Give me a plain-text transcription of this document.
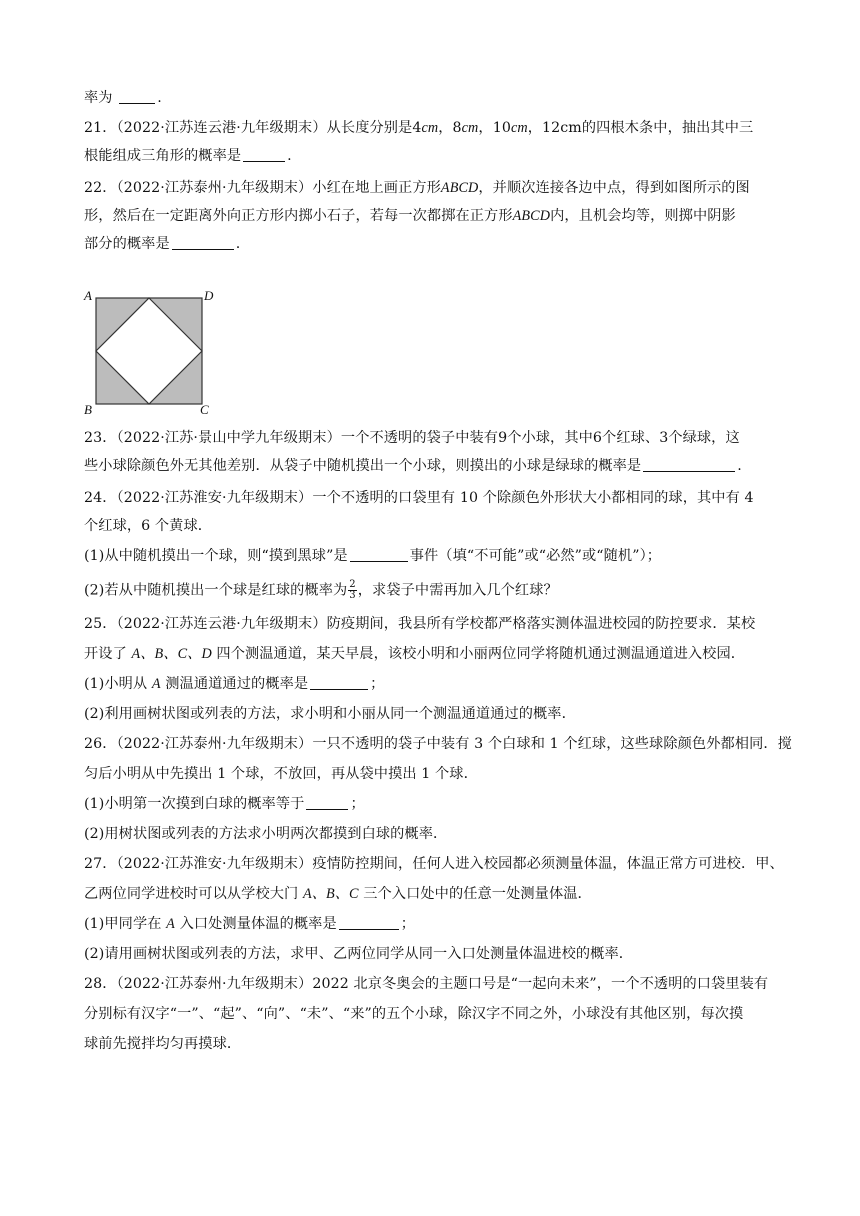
率为	.
21．（2022·江苏连云港·九年级期末）从长度分别是4cm，8cm，10cm，12cm的四根木条中，抽出其中三
根能组成三角形的概率是	.
22．（2022·江苏泰州·九年级期末）小红在地上画正方形ABCD，并顺次连接各边中点，得到如图所示的图
形，然后在一定距离外向正方形内掷小石子，若每一次都掷在正方形ABCD内，且机会均等，则掷中阴影
部分的概率是	.
A	D
B	C
23．（2022·江苏·景山中学九年级期末）一个不透明的袋子中装有9个小球，其中6个红球、3个绿球，这
些小球除颜色外无其他差别．从袋子中随机摸出一个小球，则摸出的小球是绿球的概率是	.
24．（2022·江苏淮安·九年级期末）一个不透明的口袋里有 10 个除颜色外形状大小都相同的球，其中有 4
个红球，6 个黄球．
(1)从中随机摸出一个球，则“摸到黑球”是	事件（填“不可能”或“必然”或“随机”）；
(2)若从中随机摸出一个球是红球的概率为 $\frac{2}{3}$ ，求袋子中需再加入几个红球？
25．（2022·江苏连云港·九年级期末）防疫期间，我县所有学校都严格落实测体温进校园的防控要求．某校
开设了 A、B、C、D 四个测温通道，某天早晨，该校小明和小丽两位同学将随机通过测温通道进入校园．
(1)小明从 A 测温通道通过的概率是	；
(2)利用画树状图或列表的方法，求小明和小丽从同一个测温通道通过的概率．
26．（2022·江苏泰州·九年级期末）一只不透明的袋子中装有 3 个白球和 1 个红球，这些球除颜色外都相同．搅
匀后小明从中先摸出 1 个球，不放回，再从袋中摸出 1 个球．
(1)小明第一次摸到白球的概率等于	；
(2)用树状图或列表的方法求小明两次都摸到白球的概率．
27．（2022·江苏淮安·九年级期末）疫情防控期间，任何人进入校园都必须测量体温，体温正常方可进校．甲、
乙两位同学进校时可以从学校大门 A、B、C 三个入口处中的任意一处测量体温．
(1)甲同学在 A 入口处测量体温的概率是	；
(2)请用画树状图或列表的方法，求甲、乙两位同学从同一入口处测量体温进校的概率．
28．（2022·江苏泰州·九年级期末）2022 北京冬奥会的主题口号是“一起向未来”，一个不透明的口袋里装有
分别标有汉字“一”、“起”、“向”、“未”、“来”的五个小球，除汉字不同之外，小球没有其他区别，每次摸
球前先搅拌均匀再摸球．
